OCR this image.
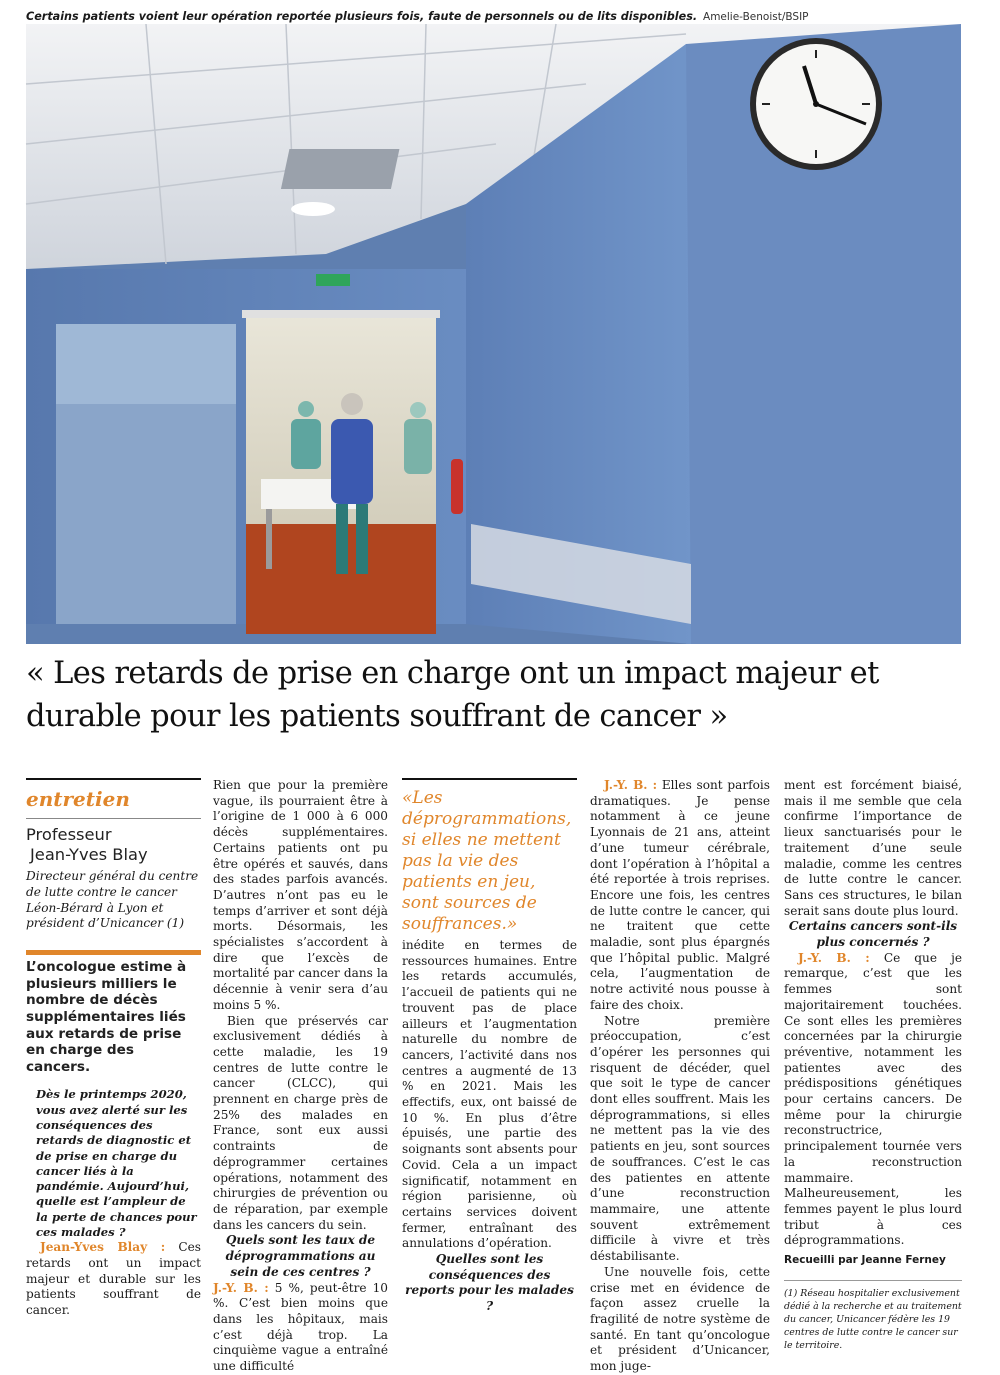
Certains patients voient leur opération reportée plusieurs fois, faute de personnels ou de lits disponibles. Amelie-Benoist/BSIP
« Les retards de prise en charge ont un impact majeur et durable pour les patients souffrant de cancer »
entretien
Professeur
Jean-Yves Blay
Directeur général du centre de lutte contre le cancer Léon-Bérard à Lyon et président d’Unicancer (1)
L’oncologue estime à plusieurs milliers le nombre de décès supplémentaires liés aux retards de prise en charge des cancers.
Dès le printemps 2020, vous avez alerté sur les conséquences des retards de diagnostic et de prise en charge du cancer liés à la pandémie. Aujourd’hui, quelle est l’ampleur de la perte de chances pour ces malades ?

Jean-Yves Blay : Ces retards ont un impact majeur et durable sur les patients souffrant de cancer.

Rien que pour la première vague, ils pourraient être à l’origine de 1 000 à 6 000 décès supplémentaires. Certains patients ont pu être opérés et sauvés, dans des stades parfois avancés. D’autres n’ont pas eu le temps d’arriver et sont déjà morts. Désormais, les spécialistes s’accordent à dire que l’excès de mortalité par cancer dans la décennie à venir sera d’au moins 5 %.

Bien que préservés car exclusivement dédiés à cette maladie, les 19 centres de lutte contre le cancer (CLCC), qui prennent en charge près de 25% des malades en France, sont eux aussi contraints de déprogrammer certaines opérations, notamment des chirurgies de prévention ou de réparation, par exemple dans les cancers du sein.

Quels sont les taux de déprogrammations au sein de ces centres ?

J.-Y. B. : 5 %, peut-être 10 %. C’est bien moins que dans les hôpitaux, mais c’est déjà trop. La cinquième vague a entraîné une difficulté

«Les déprogrammations, si elles ne mettent pas la vie des patients en jeu, sont sources de souffrances.»

inédite en termes de ressources humaines. Entre les retards accumulés, l’accueil de patients qui ne trouvent pas de place ailleurs et l’augmentation naturelle du nombre de cancers, l’activité dans nos centres a augmenté de 13 % en 2021. Mais les effectifs, eux, ont baissé de 10 %. En plus d’être épuisés, une partie des soignants sont absents pour Covid. Cela a un impact significatif, notamment en région parisienne, où certains services doivent fermer, entraînant des annulations d’opération.

Quelles sont les conséquences des reports pour les malades ?

J.-Y. B. : Elles sont parfois dramatiques. Je pense notamment à ce jeune Lyonnais de 21 ans, atteint d’une tumeur cérébrale, dont l’opération à l’hôpital a été reportée à trois reprises. Encore une fois, les centres de lutte contre le cancer, qui ne traitent que cette maladie, sont plus épargnés que l’hôpital public. Malgré cela, l’augmentation de notre activité nous pousse à faire des choix.

Notre première préoccupation, c’est d’opérer les personnes qui risquent de décéder, quel que soit le type de cancer dont elles souffrent. Mais les déprogrammations, si elles ne mettent pas la vie des patients en jeu, sont sources de souffrances. C’est le cas des patientes en attente d’une reconstruction mammaire, une attente souvent extrêmement difficile à vivre et très déstabilisante.

Une nouvelle fois, cette crise met en évidence de façon assez cruelle la fragilité de notre système de santé. En tant qu’oncologue et président d’Unicancer, mon juge-

ment est forcément biaisé, mais il me semble que cela confirme l’importance de lieux sanctuarisés pour le traitement d’une seule maladie, comme les centres de lutte contre le cancer. Sans ces structures, le bilan serait sans doute plus lourd.

Certains cancers sont-ils plus concernés ?

J.-Y. B. : Ce que je remarque, c’est que les femmes sont majoritairement touchées. Ce sont elles les premières concernées par la chirurgie préventive, notamment les patientes avec des prédispositions génétiques pour certains cancers. De même pour la chirurgie reconstructrice, principalement tournée vers la reconstruction mammaire. Malheureusement, les femmes payent le plus lourd tribut à ces déprogrammations.

Recueilli par Jeanne Ferney
(1) Réseau hospitalier exclusivement dédié à la recherche et au traitement du cancer, Unicancer fédère les 19 centres de lutte contre le cancer sur le territoire.
